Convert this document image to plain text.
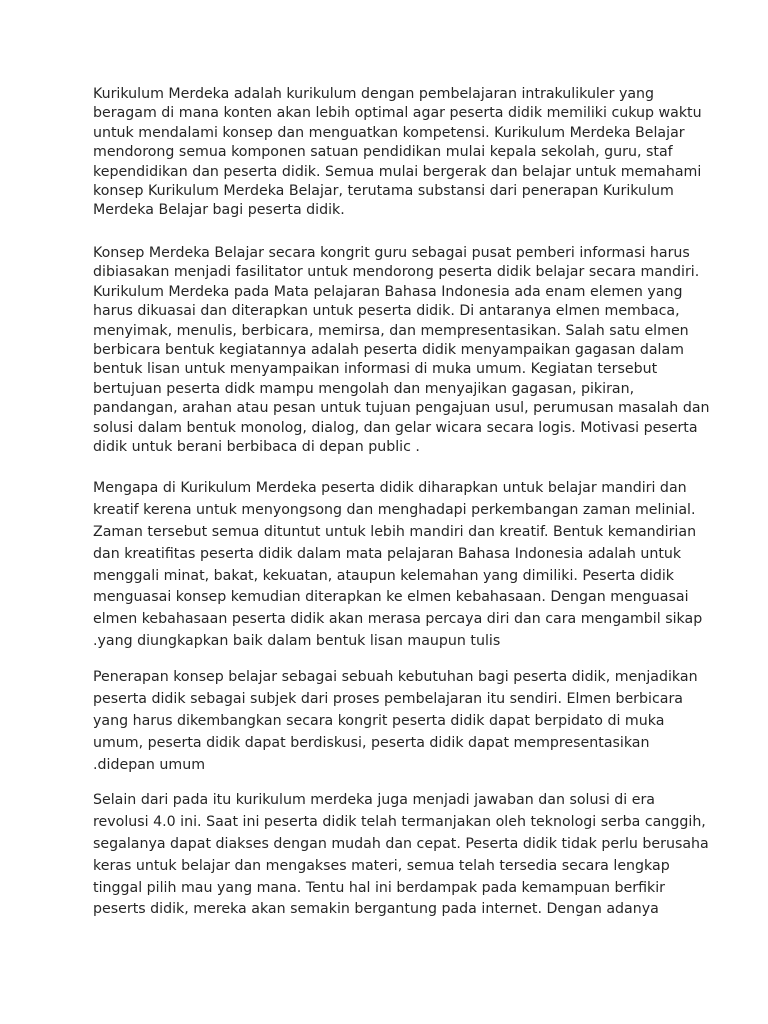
Kurikulum Merdeka adalah kurikulum dengan pembelajaran intrakulikuler yang
beragam di mana konten akan lebih optimal agar peserta didik memiliki cukup waktu
untuk mendalami konsep dan menguatkan kompetensi. Kurikulum Merdeka Belajar
mendorong semua komponen satuan pendidikan mulai kepala sekolah, guru, staf
kependidikan dan peserta didik. Semua mulai bergerak dan belajar untuk memahami
konsep Kurikulum Merdeka Belajar, terutama substansi dari penerapan Kurikulum
Merdeka Belajar bagi peserta didik.

Konsep Merdeka Belajar secara kongrit guru sebagai pusat pemberi informasi harus
dibiasakan menjadi fasilitator untuk mendorong peserta didik belajar secara mandiri.
Kurikulum Merdeka pada Mata pelajaran Bahasa Indonesia ada enam elemen yang
harus dikuasai dan diterapkan untuk peserta didik. Di antaranya elmen membaca,
menyimak, menulis, berbicara, memirsa, dan mempresentasikan. Salah satu elmen
berbicara bentuk kegiatannya adalah peserta didik menyampaikan gagasan dalam
bentuk lisan untuk menyampaikan informasi di muka umum. Kegiatan tersebut
bertujuan peserta didk mampu mengolah dan menyajikan gagasan, pikiran,
pandangan, arahan atau pesan untuk tujuan pengajuan usul, perumusan masalah dan
solusi dalam bentuk monolog, dialog, dan gelar wicara secara logis. Motivasi peserta
didik untuk berani berbibaca di depan public .

Mengapa di Kurikulum Merdeka peserta didik diharapkan untuk belajar mandiri dan
kreatif kerena untuk menyongsong dan menghadapi perkembangan zaman melinial.
Zaman tersebut semua dituntut untuk lebih mandiri dan kreatif. Bentuk kemandirian
dan kreatifitas peserta didik dalam mata pelajaran Bahasa Indonesia adalah untuk
menggali minat, bakat, kekuatan, ataupun kelemahan yang dimiliki. Peserta didik
menguasai konsep kemudian diterapkan ke elmen kebahasaan. Dengan menguasai
elmen kebahasaan peserta didik akan merasa percaya diri dan cara mengambil sikap
.yang diungkapkan baik dalam bentuk lisan maupun tulis

Penerapan konsep belajar sebagai sebuah kebutuhan bagi peserta didik, menjadikan
peserta didik sebagai subjek dari proses pembelajaran itu sendiri. Elmen berbicara
yang harus dikembangkan secara kongrit peserta didik dapat berpidato di muka
umum, peserta didik dapat berdiskusi, peserta didik dapat mempresentasikan
.didepan umum

Selain dari pada itu kurikulum merdeka juga menjadi jawaban dan solusi di era
revolusi 4.0 ini. Saat ini peserta didik telah termanjakan oleh teknologi serba canggih,
segalanya dapat diakses dengan mudah dan cepat. Peserta didik tidak perlu berusaha
keras untuk belajar dan mengakses materi, semua telah tersedia secara lengkap
tinggal pilih mau yang mana. Tentu hal ini berdampak pada kemampuan berfikir
peserts didik, mereka akan semakin bergantung pada internet. Dengan adanya
